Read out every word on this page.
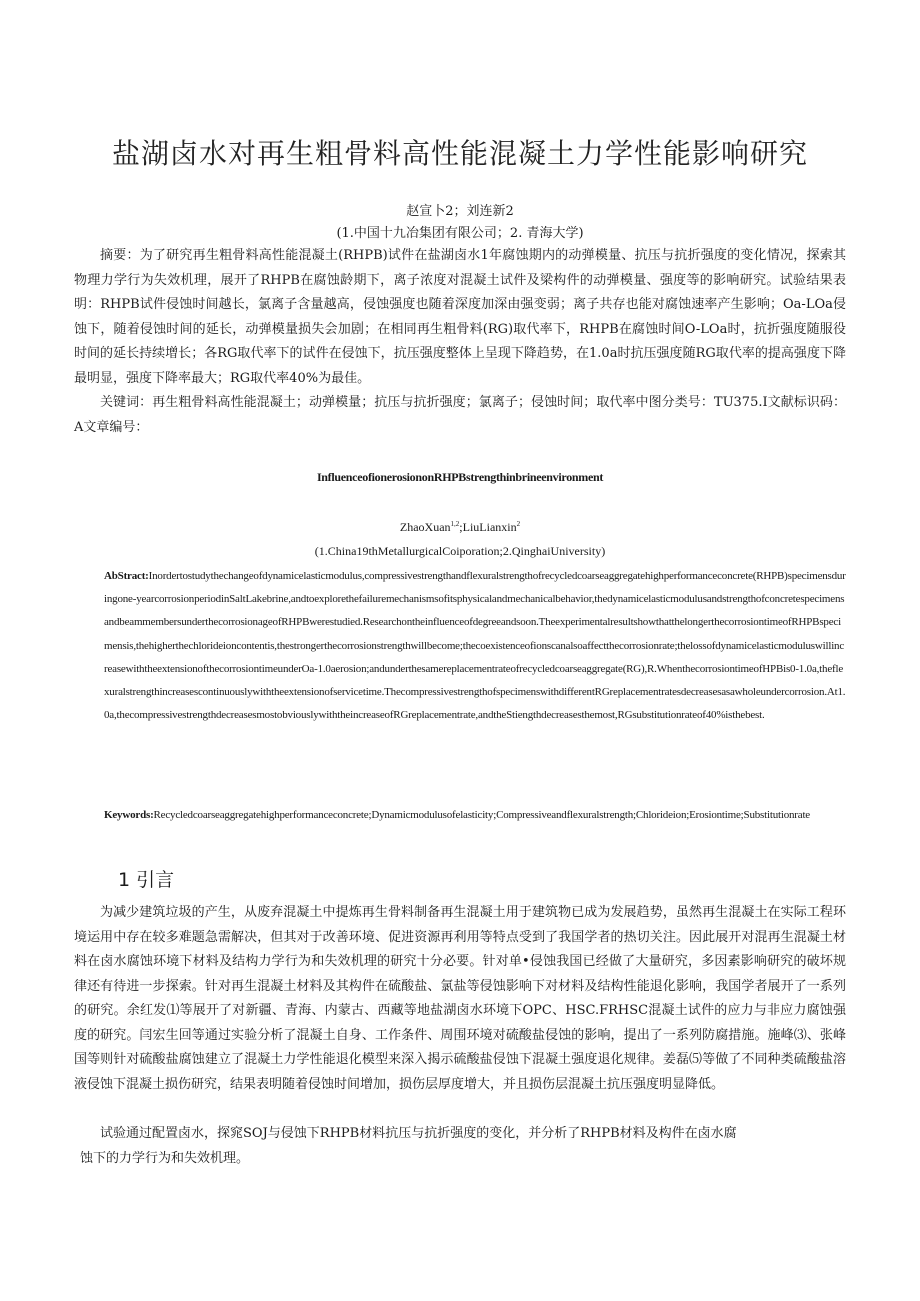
盐湖卤水对再生粗骨料高性能混凝土力学性能影响研究
赵宣卜2；刘连新2
(1.中国十九冶集团有限公司；2. 青海大学)

摘要：为了研究再生粗骨料高性能混凝土(RHPB)试件在盐湖卤水1年腐蚀期内的动弹模量、抗压与抗折强度的变化情况，探索其物理力学行为失效机理，展开了RHPB在腐蚀龄期下，离子浓度对混凝土试件及梁构件的动弹模量、强度等的影响研究。试验结果表明：RHPB试件侵蚀时间越长，氯离子含量越高，侵蚀强度也随着深度加深由强变弱；离子共存也能对腐蚀速率产生影响；Oa-LOa侵蚀下，随着侵蚀时间的延长，动弹模量损失会加剧；在相同再生粗骨料(RG)取代率下，RHPB在腐蚀时间O-LOa时，抗折强度随服役时间的延长持续增长；各RG取代率下的试件在侵蚀下，抗压强度整体上呈现下降趋势，在1.0a时抗压强度随RG取代率的提高强度下降最明显，强度下降率最大；RG取代率40%为最佳。

关键词：再生粗骨料高性能混凝土；动弹模量；抗压与抗折强度；氯离子；侵蚀时间；取代率中图分类号：TU375.I文献标识码：A文章编号：

InfluenceofionerosiononRHPBstrengthinbrineenvironment
ZhaoXuan$^{1,2}$;LiuLianxin$^2$
(1.China19thMetallurgicalCoiporation;2.QinghaiUniversity)

AbStract:Inordertostudythechangeofdynamicelasticmodulus,compressivestrengthandflexuralstrengthofrecycledcoarseaggregatehighperformanceconcrete(RHPB)specimensduringone-yearcorrosionperiodinSaltLakebrine,andtoexplorethefailuremechanismsofitsphysicalandmechanicalbehavior,thedynamicelasticmodulusandstrengthofconcretespecimensandbeammembersunderthecorrosionageofRHPBwerestudied.Researchontheinfluenceofdegreeandsoon.TheexperimentalresultshowthatthelongerthecorrosiontimeofRHPBspecimensis,thehigherthechlorideioncontentis,thestrongerthecorrosionstrengthwillbecome;thecoexistenceofionscanalsoaffectthecorrosionrate;thelossofdynamicelasticmoduluswillincreasewiththeextensionofthecorrosiontimeunderOa-1.0aerosion;andunderthesamereplacementrateofrecycledcoarseaggregate(RG),R.WhenthecorrosiontimeofHPBis0-1.0a,theflexuralstrengthincreasescontinuouslywiththeextensionofservicetime.ThecompressivestrengthofspecimenswithdifferentRGreplacementratesdecreasesasawholeundercorrosion.At1.0a,thecompressivestrengthdecreasesmostobviouslywiththeincreaseofRGreplacementrate,andtheStiengthdecreasesthemost,RGsubstitutionrateof40%isthebest.

Keywords:Recycledcoarseaggregatehighperformanceconcrete;Dynamicmodulusofelasticity;Compressiveandflexuralstrength;Chlorideion;Erosiontime;Substitutionrate

1 引言

为减少建筑垃圾的产生，从废弃混凝土中提炼再生骨料制备再生混凝土用于建筑物已成为发展趋势，虽然再生混凝土在实际工程环境运用中存在较多难题急需解决，但其对于改善环境、促进资源再利用等特点受到了我国学者的热切关注。因此展开对混再生混凝土材料在卤水腐蚀环境下材料及结构力学行为和失效机理的研究十分必要。针对单•侵蚀我国已经做了大量研究，多因素影响研究的破坏规律还有待进一步探索。针对再生混凝土材料及其构件在硫酸盐、氯盐等侵蚀影响下对材料及结构性能退化影响，我国学者展开了一系列的研究。余红发⑴等展开了对新疆、青海、内蒙古、西藏等地盐湖卤水环境下OPC、HSC.FRHSC混凝土试件的应力与非应力腐蚀强度的研究。闫宏生回等通过实验分析了混凝土自身、工作条件、周围环境对硫酸盐侵蚀的影响，提出了一系列防腐措施。施峰⑶、张峰国等则针对硫酸盐腐蚀建立了混凝土力学性能退化模型来深入揭示硫酸盐侵蚀下混凝土强度退化规律。姜磊⑸等做了不同种类硫酸盐溶液侵蚀下混凝土损伤研究，结果表明随着侵蚀时间增加，损伤层厚度增大，并且损伤层混凝土抗压强度明显降低。

试验通过配置卤水，探窕SOJ与侵蚀下RHPB材料抗压与抗折强度的变化，并分析了RHPB材料及构件在卤水腐
蚀下的力学行为和失效机理。
